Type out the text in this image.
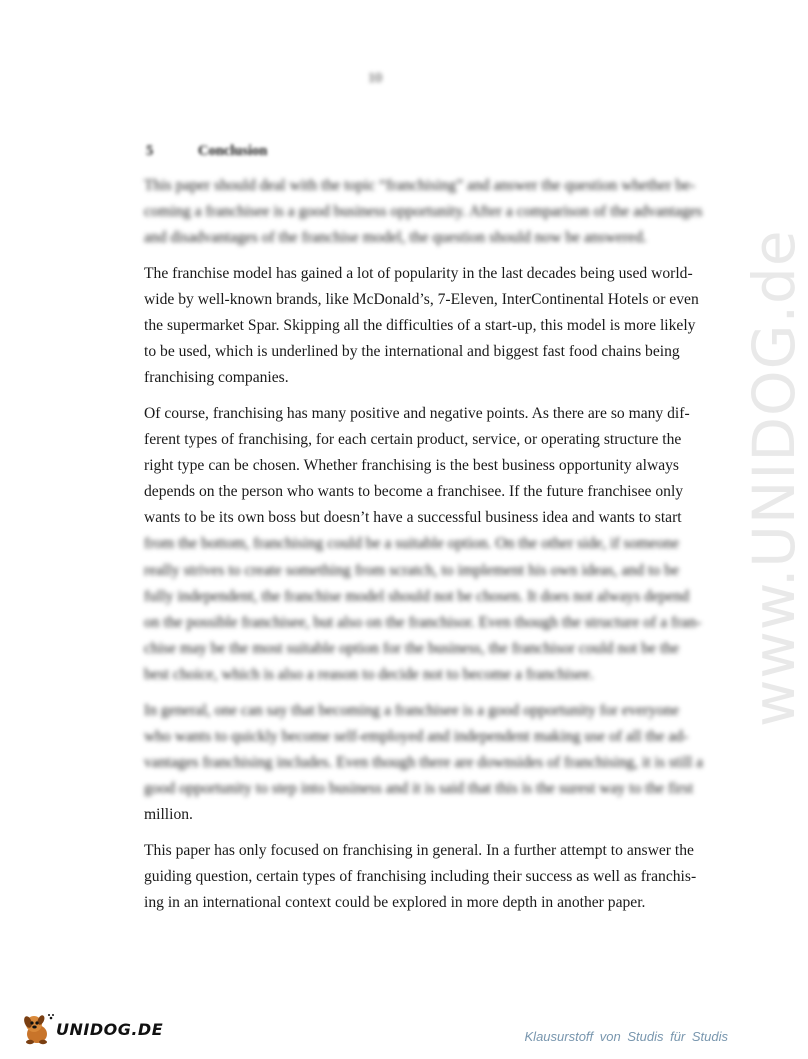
www.UNIDOG.de
10
5	Conclusion
This paper should deal with the topic “franchising” and answer the question whether be-
coming a franchisee is a good business opportunity. After a comparison of the advantages
and disadvantages of the franchise model, the question should now be answered.
The franchise model has gained a lot of popularity in the last decades being used world-
wide by well-known brands, like McDonald’s, 7-Eleven, InterContinental Hotels or even
the supermarket Spar. Skipping all the difficulties of a start-up, this model is more likely
to be used, which is underlined by the international and biggest fast food chains being
franchising companies.
Of course, franchising has many positive and negative points. As there are so many dif-
ferent types of franchising, for each certain product, service, or operating structure the
right type can be chosen. Whether franchising is the best business opportunity always
depends on the person who wants to become a franchisee. If the future franchisee only
wants to be its own boss but doesn’t have a successful business idea and wants to start
from the bottom, franchising could be a suitable option. On the other side, if someone
really strives to create something from scratch, to implement his own ideas, and to be
fully independent, the franchise model should not be chosen. It does not always depend
on the possible franchisee, but also on the franchisor. Even though the structure of a fran-
chise may be the most suitable option for the business, the franchisor could not be the
best choice, which is also a reason to decide not to become a franchisee.
In general, one can say that becoming a franchisee is a good opportunity for everyone
who wants to quickly become self-employed and independent making use of all the ad-
vantages franchising includes. Even though there are downsides of franchising, it is still a
good opportunity to step into business and it is said that this is the surest way to the first
million.
This paper has only focused on franchising in general. In a further attempt to answer the
guiding question, certain types of franchising including their success as well as franchis-
ing in an international context could be explored in more depth in another paper.
UNIDOG.DE	Klausurstoff von Studis für Studis
